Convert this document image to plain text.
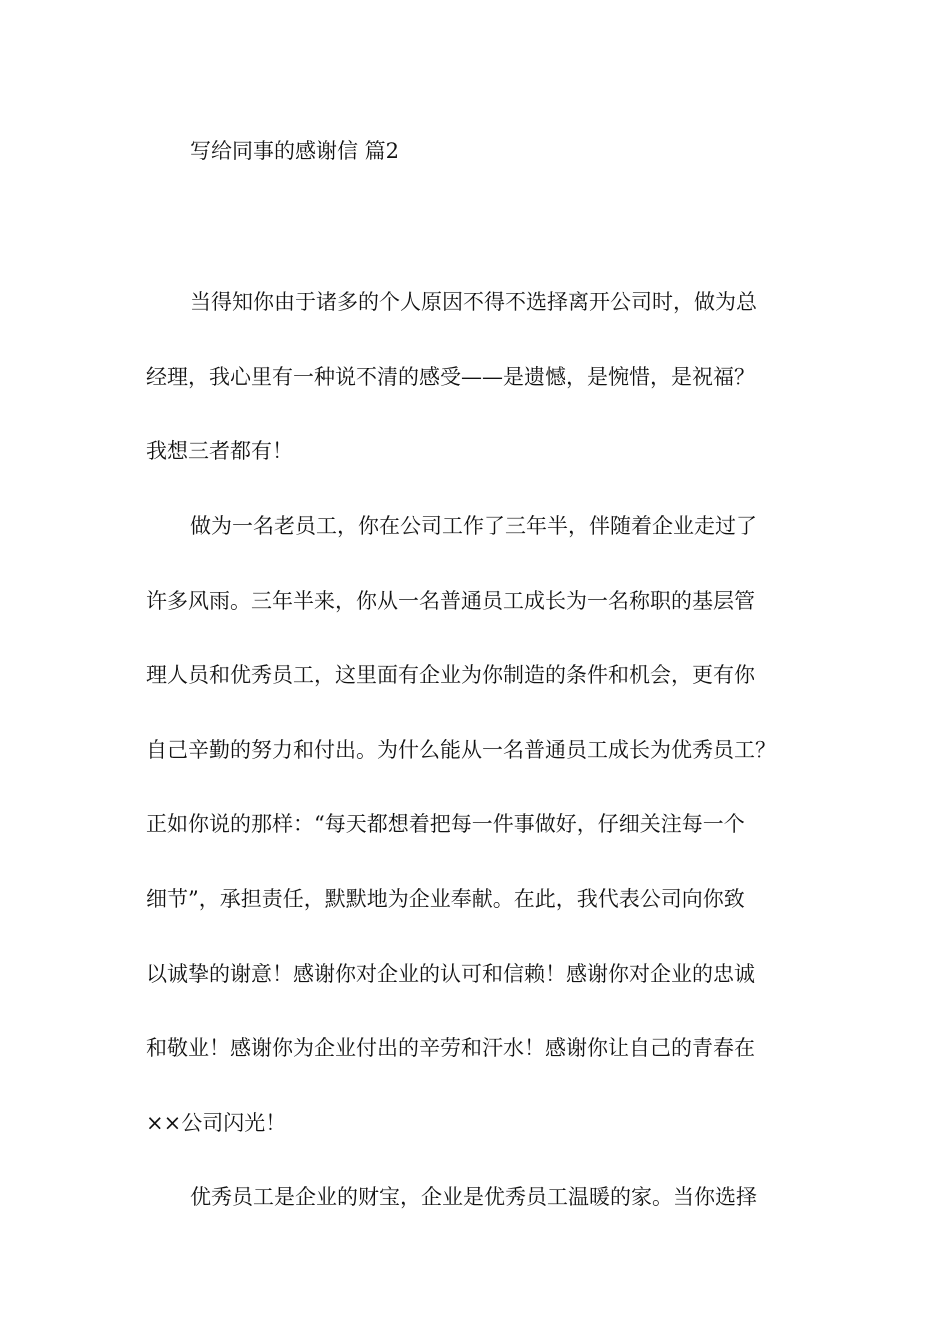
写给同事的感谢信 篇2
当得知你由于诸多的个人原因不得不选择离开公司时，做为总
经理，我心里有一种说不清的感受——是遗憾，是惋惜，是祝福？
我想三者都有！
做为一名老员工，你在公司工作了三年半，伴随着企业走过了
许多风雨。三年半来，你从一名普通员工成长为一名称职的基层管
理人员和优秀员工，这里面有企业为你制造的条件和机会，更有你
自己辛勤的努力和付出。为什么能从一名普通员工成长为优秀员工？
正如你说的那样：“每天都想着把每一件事做好，仔细关注每一个
细节”，承担责任，默默地为企业奉献。在此，我代表公司向你致
以诚挚的谢意！感谢你对企业的认可和信赖！感谢你对企业的忠诚
和敬业！感谢你为企业付出的辛劳和汗水！感谢你让自己的青春在
××公司闪光！
优秀员工是企业的财宝，企业是优秀员工温暖的家。当你选择
